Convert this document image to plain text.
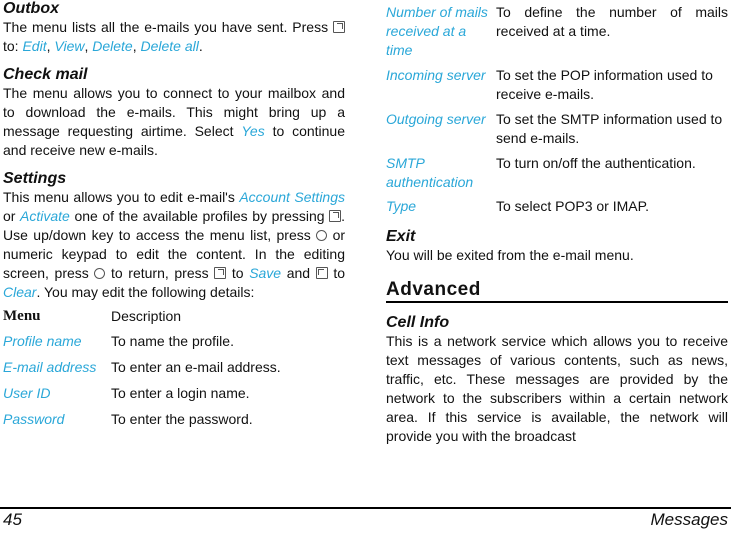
Outbox
The menu lists all the e-mails you have sent. Press  to: Edit, View, Delete, Delete all.
Check mail
The menu allows you to connect to your mailbox and to download the e-mails. This might bring up a message requesting airtime. Select Yes to continue and receive new e-mails.
Settings
This menu allows you to edit e-mail's Account Settings or Activate one of the available profiles by pressing . Use up/down key to access the menu list, press or numeric keypad to edit the content. In the editing screen, press to return, press to Save and to Clear. You may edit the following details:
Menu	Description
Profile name	To name the profile.
E-mail address	To enter an e-mail address.
User ID	To enter a login name.
Password	To enter the password.
Number of mails received at a time	To define the number of mails received at a time.
Incoming server	To set the POP information used to receive e-mails.
Outgoing server	To set the SMTP information used to send e-mails.
SMTP authentication	To turn on/off the authentication.
Type	To select POP3 or IMAP.
Exit
You will be exited from the e-mail menu.
Advanced
Cell Info
This is a network service which allows you to receive text messages of various contents, such as news, traffic, etc. These messages are provided by the network to the subscribers within a certain network area. If this service is available, the network will provide you with the broadcast
45	Messages
